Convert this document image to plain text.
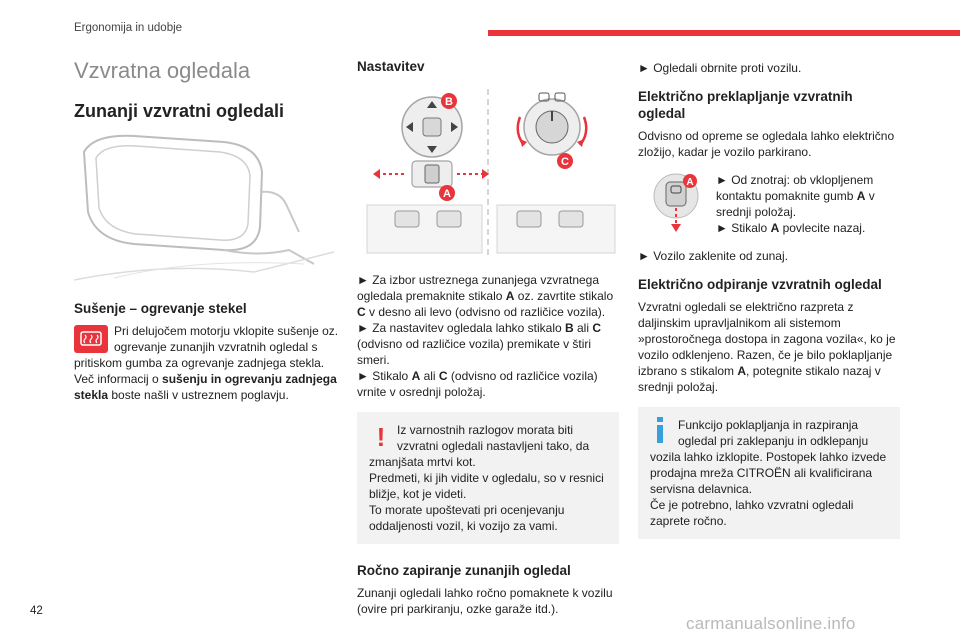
Ergonomija in udobje
Vzvratna ogledala
Zunanji vzvratni ogledali
Sušenje – ogrevanje stekel

Pri delujočem motorju vklopite sušenje oz. ogrevanje zunanjih vzvratnih ogledal s pritiskom gumba za ogrevanje zadnjega stekla.

Več informacij o sušenju in ogrevanju zadnjega stekla boste našli v ustreznem poglavju.

Nastavitev
B
A
C

► Za izbor ustreznega zunanjega vzvratnega ogledala premaknite stikalo A oz. zavrtite stikalo C v desno ali levo (odvisno od različice vozila).

► Za nastavitev ogledala lahko stikalo B ali C (odvisno od različice vozila) premikate v štiri smeri.

► Stikalo A ali C (odvisno od različice vozila) vrnite v osrednji položaj.

! Iz varnostnih razlogov morata biti vzvratni ogledali nastavljeni tako, da zmanjšata mrtvi kot.

Predmeti, ki jih vidite v ogledalu, so v resnici bližje, kot je videti.

To morate upoštevati pri ocenjevanju oddaljenosti vozil, ki vozijo za vami.

Ročno zapiranje zunanjih ogledal

Zunanji ogledali lahko ročno pomaknete k vozilu (ovire pri parkiranju, ozke garaže itd.).

► Ogledali obrnite proti vozilu.

Električno preklapljanje vzvratnih ogledal

Odvisno od opreme se ogledala lahko električno zložijo, kadar je vozilo parkirano.

A	► Od znotraj: ob vklopljenem kontaktu pomaknite gumb A v srednji položaj.

► Stikalo A povlecite nazaj.

► Vozilo zaklenite od zunaj.

Električno odpiranje vzvratnih ogledal

Vzvratni ogledali se električno razpreta z daljinskim upravljalnikom ali sistemom »prostoročnega dostopa in zagona vozila«, ko je vozilo odklenjeno. Razen, če je bilo poklapljanje izbrano s stikalom A, potegnite stikalo nazaj v srednji položaj.

Funkcijo poklapljanja in razpiranja ogledal pri zaklepanju in odklepanju vozila lahko izklopite. Postopek lahko izvede prodajna mreža CITROËN ali kvalificirana servisna delavnica.

Če je potrebno, lahko vzvratni ogledali zaprete ročno.

42
carmanualsonline.info
